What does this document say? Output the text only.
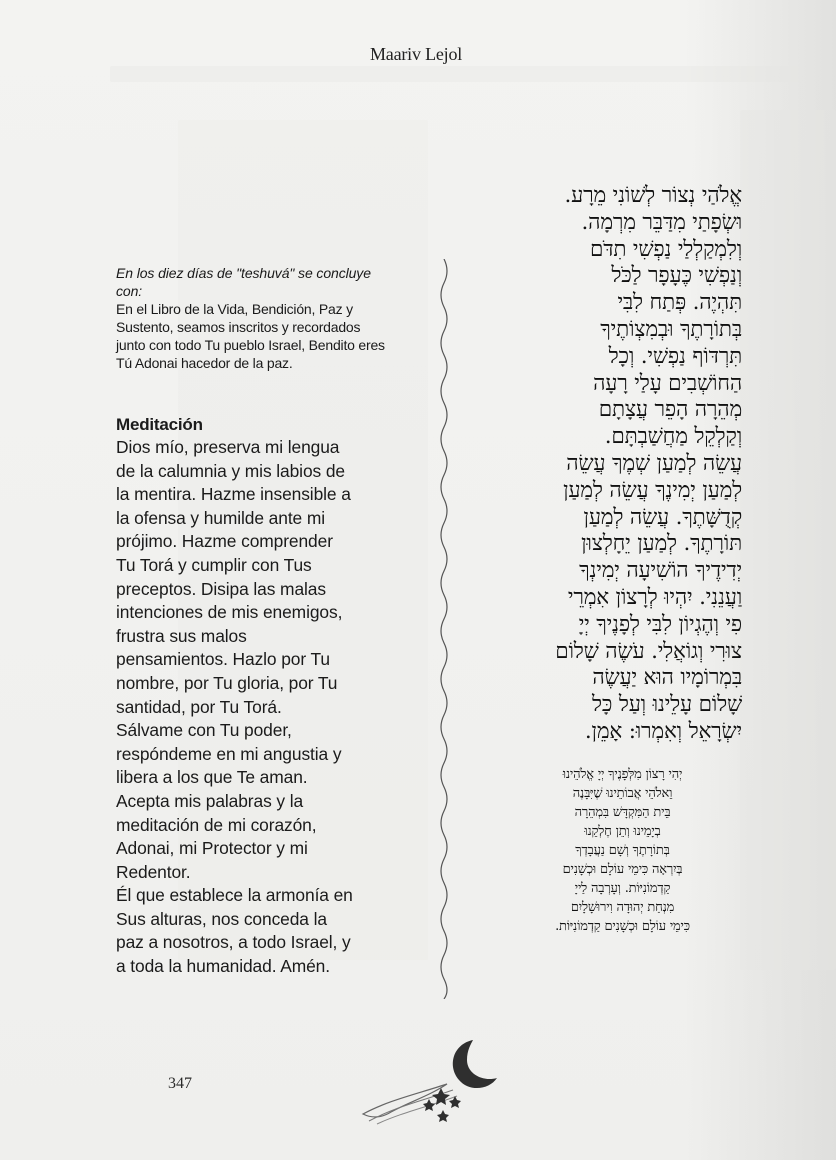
Maariv Lejol
En los diez días de "teshuvá" se concluye con:
En el Libro de la Vida, Bendición, Paz y Sustento, seamos inscritos y recordados junto con todo Tu pueblo Israel, Bendito eres Tú Adonai hacedor de la paz.
Meditación

Dios mío, preserva mi lengua
de la calumnia y mis labios de
la mentira. Hazme insensible a
la ofensa y humilde ante mi
prójimo. Hazme comprender
Tu Torá y cumplir con Tus
preceptos. Disipa las malas
intenciones de mis enemigos,
frustra sus malos
pensamientos. Hazlo por Tu
nombre, por Tu gloria, por Tu
santidad, por Tu Torá.
Sálvame con Tu poder,
respóndeme en mi angustia y
libera a los que Te aman.
Acepta mis palabras y la
meditación de mi corazón,
Adonai, mi Protector y mi
Redentor.
Él que establece la armonía en
Sus alturas, nos conceda la
paz a nosotros, a todo Israel, y
a toda la humanidad. Amén.

אֱלֹהַי נְצוֹר לְשׁוֹנִי מֵרָע.
וּשְׂפָתַי מִדַּבֵּר מִרְמָה.
וְלִמְקַלְלַי נַפְשִׁי תִדֹּם
וְנַפְשִׁי כֶּעָפָר לַכֹּל
תִּהְיֶה. פְּתַח לִבִּי
בְּתוֹרָתֶךָ וּבְמִצְוֹתֶיךָ
תִּרְדּוֹף נַפְשִׁי. וְכָל
הַחוֹשְׁבִים עָלַי רָעָה
מְהֵרָה הָפֵר עֲצָתָם
וְקַלְקֵל מַחֲשַׁבְתָּם.
עֲשֵׂה לְמַעַן שְׁמֶךָ עֲשֵׂה
לְמַעַן יְמִינֶךָ עֲשֵׂה לְמַעַן
קְדֻשָּׁתֶךָ. עֲשֵׂה לְמַעַן
תּוֹרָתֶךָ. לְמַעַן יֵחָלְצוּן
יְדִידֶיךָ הוֹשִׁיעָה יְמִינְךָ
וַעֲנֵנִי. יִהְיוּ לְרָצוֹן אִמְרֵי
פִי וְהֶגְיוֹן לִבִּי לְפָנֶיךָ יְיָ
צוּרִי וְגוֹאֲלִי. עֹשֶׂה שָׁלוֹם
בִּמְרוֹמָיו הוּא יַעֲשֶׂה
שָׁלוֹם עָלֵינוּ וְעַל כָּל
יִשְׂרָאֵל וְאִמְרוּ: אָמֵן.
יְהִי רָצוֹן מִלְּפָנֶיךָ יְיָ אֱלֹהֵינוּ
וֵאלֹהֵי אֲבוֹתֵינוּ שֶׁיִּבָּנֶה
בֵּית הַמִּקְדָּשׁ בִּמְהֵרָה
בְיָמֵינוּ וְתֵן חֶלְקֵנוּ
בְּתוֹרָתֶךָ וְשָׁם נַעֲבָדְךָ
בְּיִרְאָה כִּימֵי עוֹלָם וּכְשָׁנִים
קַדְמוֹנִיּוֹת. וְעָרְבָה לַייָ
מִנְחַת יְהוּדָה וִירוּשָׁלָיִם
כִּימֵי עוֹלָם וּכְשָׁנִים קַדְמוֹנִיּוֹת.
347
